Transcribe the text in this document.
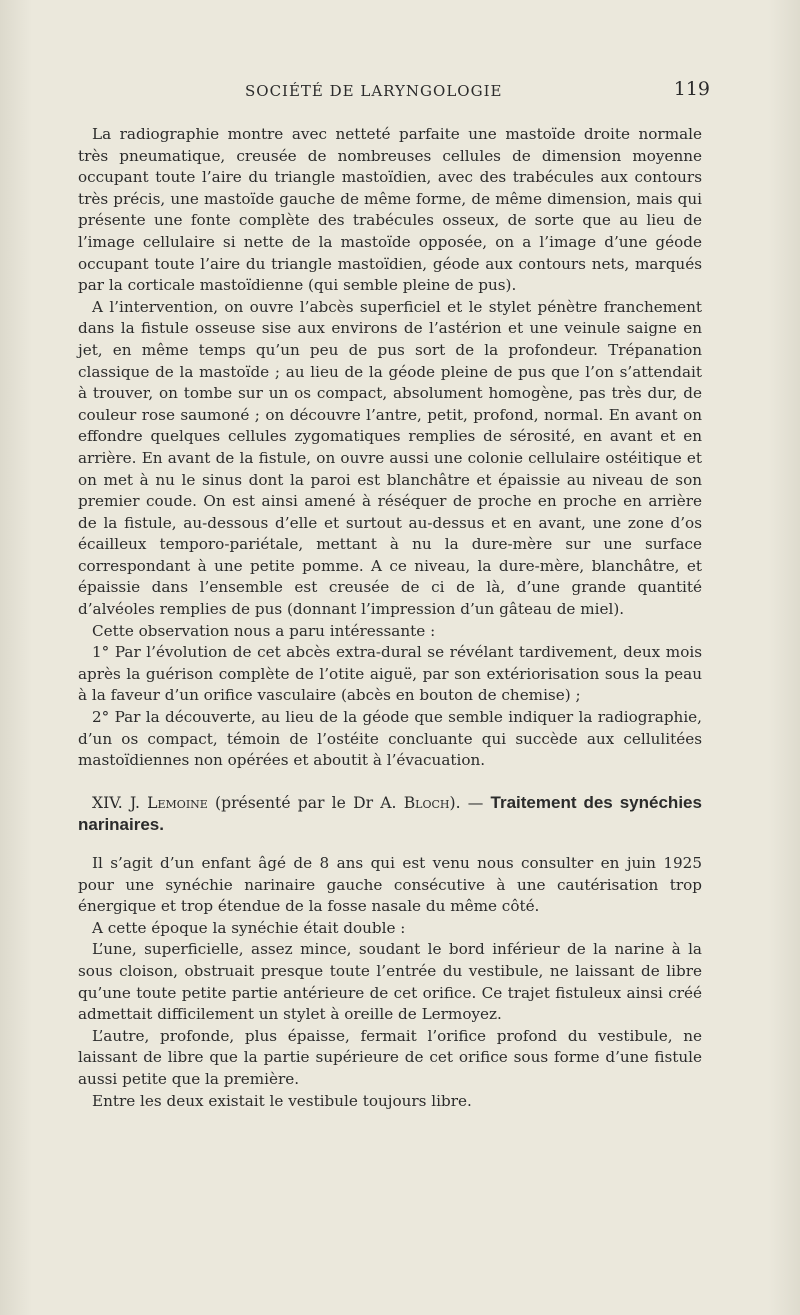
SOCIÉTÉ DE LARYNGOLOGIE	119

La radiographie montre avec netteté parfaite une mastoïde droite normale très pneumatique, creusée de nombreuses cellules de dimension moyenne occupant toute l’aire du triangle mastoïdien, avec des trabécules aux contours très précis, une mastoïde gauche de même forme, de même dimension, mais qui présente une fonte complète des trabécules osseux, de sorte que au lieu de l’image cellulaire si nette de la mastoïde opposée, on a l’image d’une géode occupant toute l’aire du triangle mastoïdien, géode aux contours nets, marqués par la corticale mastoïdienne (qui semble pleine de pus).

A l’intervention, on ouvre l’abcès superficiel et le stylet pénètre franchement dans la fistule osseuse sise aux environs de l’astérion et une veinule saigne en jet, en même temps qu’un peu de pus sort de la profondeur. Trépanation classique de la mastoïde ; au lieu de la géode pleine de pus que l’on s’attendait à trouver, on tombe sur un os compact, absolument homogène, pas très dur, de couleur rose saumoné ; on découvre l’antre, petit, profond, normal. En avant on effondre quelques cellules zygomatiques remplies de sérosité, en avant et en arrière. En avant de la fistule, on ouvre aussi une colonie cellulaire ostéitique et on met à nu le sinus dont la paroi est blanchâtre et épaissie au niveau de son premier coude. On est ainsi amené à réséquer de proche en proche en arrière de la fistule, au-dessous d’elle et surtout au-dessus et en avant, une zone d’os écailleux temporo-pariétale, mettant à nu la dure-mère sur une surface correspondant à une petite pomme. A ce niveau, la dure-mère, blanchâtre, et épaissie dans l’ensemble est creusée de ci de là, d’une grande quantité d’alvéoles remplies de pus (donnant l’impression d’un gâteau de miel).

Cette observation nous a paru intéressante :

1° Par l’évolution de cet abcès extra-dural se révélant tardivement, deux mois après la guérison complète de l’otite aiguë, par son extériorisation sous la peau à la faveur d’un orifice vasculaire (abcès en bouton de chemise) ;

2° Par la découverte, au lieu de la géode que semble indiquer la radiographie, d’un os compact, témoin de l’ostéite concluante qui succède aux cellulitées mastoïdiennes non opérées et aboutit à l’évacuation.

XIV. J. Lemoine (présenté par le Dr A. Bloch). — Traitement des synéchies narinaires.

Il s’agit d’un enfant âgé de 8 ans qui est venu nous consulter en juin 1925 pour une synéchie narinaire gauche consécutive à une cautérisation trop énergique et trop étendue de la fosse nasale du même côté.

A cette époque la synéchie était double :

L’une, superficielle, assez mince, soudant le bord inférieur de la narine à la sous cloison, obstruait presque toute l’entrée du vestibule, ne laissant de libre qu’une toute petite partie antérieure de cet orifice. Ce trajet fistuleux ainsi créé admettait difficilement un stylet à oreille de Lermoyez.

L’autre, profonde, plus épaisse, fermait l’orifice profond du vestibule, ne laissant de libre que la partie supérieure de cet orifice sous forme d’une fistule aussi petite que la première.

Entre les deux existait le vestibule toujours libre.
